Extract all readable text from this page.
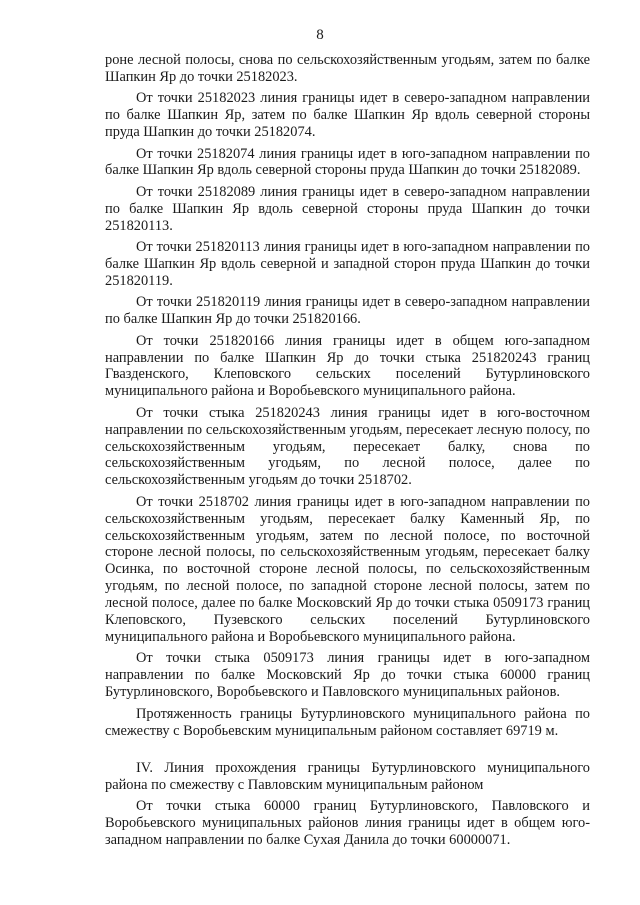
8

роне лесной полосы, снова по сельскохозяйственным угодьям, затем по балке Шапкин Яр до точки 25182023.

От точки 25182023 линия границы идет в северо-западном направлении по балке Шапкин Яр, затем по балке Шапкин Яр вдоль северной стороны пруда Шапкин до точки 25182074.

От точки 25182074 линия границы идет в юго-западном направлении по балке Шапкин Яр вдоль северной стороны пруда Шапкин до точки 25182089.

От точки 25182089 линия границы идет в северо-западном направлении по балке Шапкин Яр вдоль северной стороны пруда Шапкин до точки 251820113.

От точки 251820113 линия границы идет в юго-западном направлении по балке Шапкин Яр вдоль северной и западной сторон пруда Шапкин до точки 251820119.

От точки 251820119 линия границы идет в северо-западном направлении по балке Шапкин Яр до точки 251820166.

От точки 251820166 линия границы идет в общем юго-западном направлении по балке Шапкин Яр до точки стыка 251820243 границ Гвазденского, Клеповского сельских поселений Бутурлиновского муниципального района и Воробьевского муниципального района.

От точки стыка 251820243 линия границы идет в юго-восточном направлении по сельскохозяйственным угодьям, пересекает лесную полосу, по сельскохозяйственным угодьям, пересекает балку, снова по сельскохозяйственным угодьям, по лесной полосе, далее по сельскохозяйственным угодьям до точки 2518702.

От точки 2518702 линия границы идет в юго-западном направлении по сельскохозяйственным угодьям, пересекает балку Каменный Яр, по сельскохозяйственным угодьям, затем по лесной полосе, по восточной стороне лесной полосы, по сельскохозяйственным угодьям, пересекает балку Осинка, по восточной стороне лесной полосы, по сельскохозяйственным угодьям, по лесной полосе, по западной стороне лесной полосы, затем по лесной полосе, далее по балке Московский Яр до точки стыка 0509173 границ Клеповского, Пузевского сельских поселений Бутурлиновского муниципального района и Воробьевского муниципального района.

От точки стыка 0509173 линия границы идет в юго-западном направлении по балке Московский Яр до точки стыка 60000 границ Бутурлиновского, Воробьевского и Павловского муниципальных районов.

Протяженность границы Бутурлиновского муниципального района по смежеству с Воробьевским муниципальным районом составляет 69719 м.

IV. Линия прохождения границы Бутурлиновского муниципального района по смежеству с Павловским муниципальным районом

От точки стыка 60000 границ Бутурлиновского, Павловского и Воробьевского муниципальных районов линия границы идет в общем юго-западном направлении по балке Сухая Данила до точки 60000071.
